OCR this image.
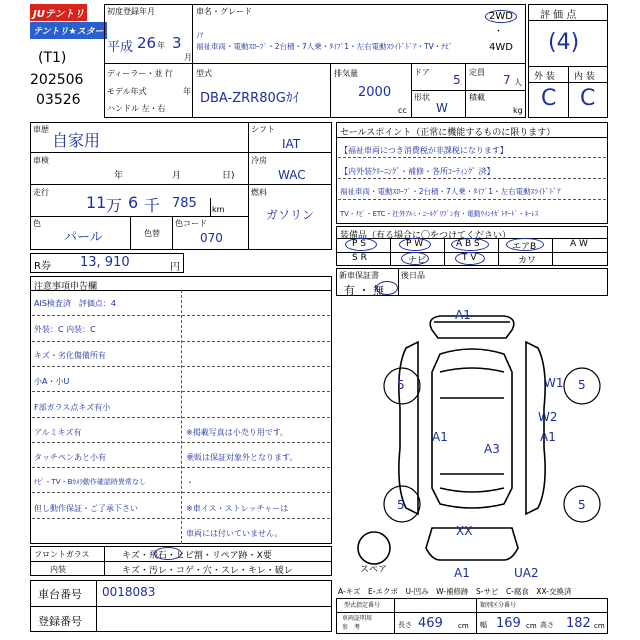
JUテントリ
テントリ★スター
(T1)
202506
03526
初度登録年月
平成 26 年 3
月
車名・グレード
ﾉｱ
福祉車両・電動ｽﾛｰﾌﾟ・2台積・7人乗・ﾀｲﾌﾟ1・左右電動ｽﾗｲﾄﾞﾄﾞｱ・TV・ﾅﾋﾞ
2WD
・
4WD
ディーラー・並 行
モデル年式	年
ハンドル 左・右
型式
DBA-ZRR80Gｶｲ
排気量
2000
cc
ドア
5
定員
7 人
形状
W
積載
kg
評 価 点
(4)
外 装 内 装
C C
車歴
自家用
車検
年	月	日)
走行
11 万 6 千 785 km
色
パール	色替
色コード
070
シフト
IAT
冷房
WAC
燃料
ガソリン
R券 13, 910	円
セールスポイント（正常に機能するものに限ります）
【福祉車両につき消費税が非課税になります】
【内外装ｸﾘｰﾆﾝｸﾞ・補修・各所ｺｰﾃｨﾝｸﾞ 済】
福祉車両・電動ｽﾛｰﾌﾟ・2台積・7人乗・ﾀｲﾌﾟ1・左右電動ｽﾗｲﾄﾞﾄﾞｱ
TV・ﾅﾋﾞ・ETC・社外ｱﾙﾐ・ﾆｰﾙｸﾞﾘﾌﾟﾝ有・電動ｳｲﾝﾁｶﾞﾄｻｰﾄﾞ・ｷｰﾚｽ
装備品（有る場合に〇をつけてください）
P S	P W	A B S	エアB	A W
S R	ナビ	T V	カワ
新車保証書
有 ・ 無
後日品
注意事項申告欄
AIS検査済　評価点：4
外装：C 内装：C
キズ・劣化傷備所有
小A・小U
F部ガラス点キズ有小
アルミキズ有
タッチペンあと小有
ﾅﾋﾞ・TV・Bｶﾒﾗ動作確認時異常なし
但し動作保証・ご了承下さい
※掲載写真は小売り用です。
乗販は保証対象外となります。
・
※車イス・ストレッチャーは
車両には付いていません。
フロントガラス	キズ・飛石・ヒビ割・リペア跡・X要
内装	キズ・汚レ・コゲ・穴・スレ・キレ・破レ
車台番号 0018083
登録番号
A1
5	W1 5
W2
A1
A3
A1
5	5
XX
A1	UA2
スペア
A-キズ　E-エクボ　U-凹み　W-補修跡　S-サビ　C-腐食　XX-交換済
型式指定番号	類別区分番号
車両証明用
参　考	長さ 469 cm 幅 169 cm 高さ 182 cm
